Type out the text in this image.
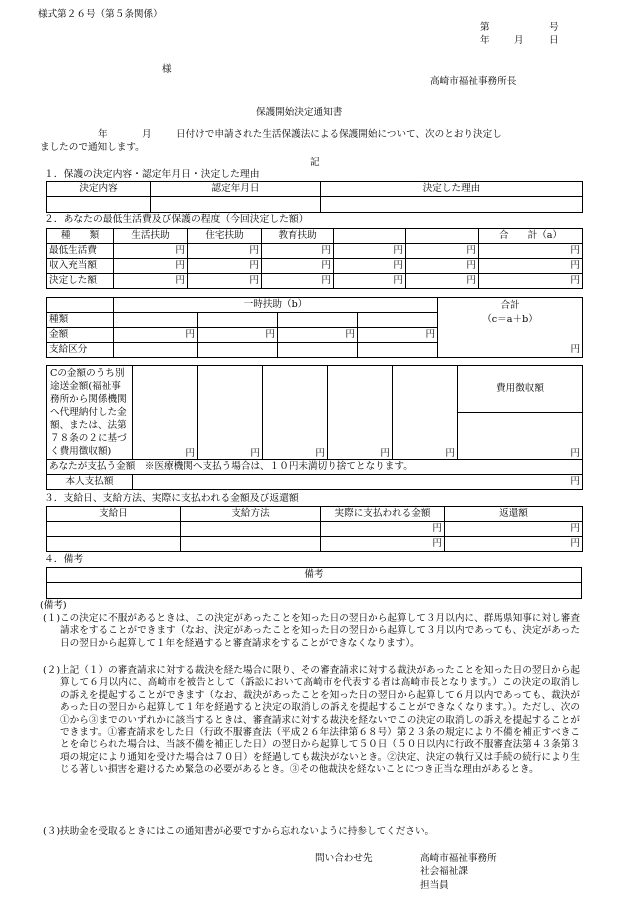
様式第２６号（第５条関係）
第	号
年	月	日
様
高崎市福祉事務所長
保護開始決定通知書
年	月	日付けで申請された生活保護法による保護開始について、次のとおり決定し
ましたので通知します。
記
１．保護の決定内容・認定年月日・決定した理由
決定内容	認定年月日	決定した理由

２．あなたの最低生活費及び保護の程度（今回決定した額）
種　　類	生活扶助	住宅扶助	教育扶助			合　　計（a）
最低生活費	円	円	円	円	円	円
収入充当額	円	円	円	円	円	円
決定した額	円	円	円	円	円	円
	一時扶助（b）				合計
種類					（c＝a＋b）
金額	円	円	円	円	
支給区分					円
Cの金額のうち別途送金額(福祉事務所から関係機関へ代理納付した金額、または、法第７８条の２に基づく費用徴収額)						費用徴収額
	円	円	円	円	円	円
あなたが支払う金額　※医療機関へ支払う場合は、１０円未満切り捨てとなります。						
本人支払額	円					
３．支給日、支給方法、実際に支払われる金額及び返還額
支給日	支給方法	実際に支払われる金額	返還額
		円	円
		円	円
４．備考
備考

(備考)
(１) この決定に不服があるときは、この決定があったことを知った日の翌日から起算して３月以内に、群馬県知事に対し審査請求をすることができます（なお、決定があったことを知った日の翌日から起算して３月以内であっても、決定があった日の翌日から起算して１年を経過すると審査請求をすることができなくなります）。
(２) 上記（１）の審査請求に対する裁決を経た場合に限り、その審査請求に対する裁決があったことを知った日の翌日から起算して６月以内に、高崎市を被告として（訴訟において高崎市を代表する者は高崎市長となります。）この決定の取消しの訴えを提起することができます（なお、裁決があったことを知った日の翌日から起算して６月以内であっても、裁決があった日の翌日から起算して１年を経過すると決定の取消しの訴えを提起することができなくなります。）。ただし、次の①から③までのいずれかに該当するときは、審査請求に対する裁決を経ないでこの決定の取消しの訴えを提起することができます。①審査請求をした日（行政不服審査法（平成２６年法律第６８号）第２３条の規定により不備を補正すべきことを命じられた場合は、当該不備を補正した日）の翌日から起算して５０日（５０日以内に行政不服審査法第４３条第３項の規定により通知を受けた場合は７０日）を経過しても裁決がないとき。②決定、決定の執行又は手続の続行により生じる著しい損害を避けるため緊急の必要があるとき。③その他裁決を経ないことにつき正当な理由があるとき。
(３) 扶助金を受取るときにはこの通知書が必要ですから忘れないように持参してください。
問い合わせ先	高崎市福祉事務所
社会福祉課
担当員
